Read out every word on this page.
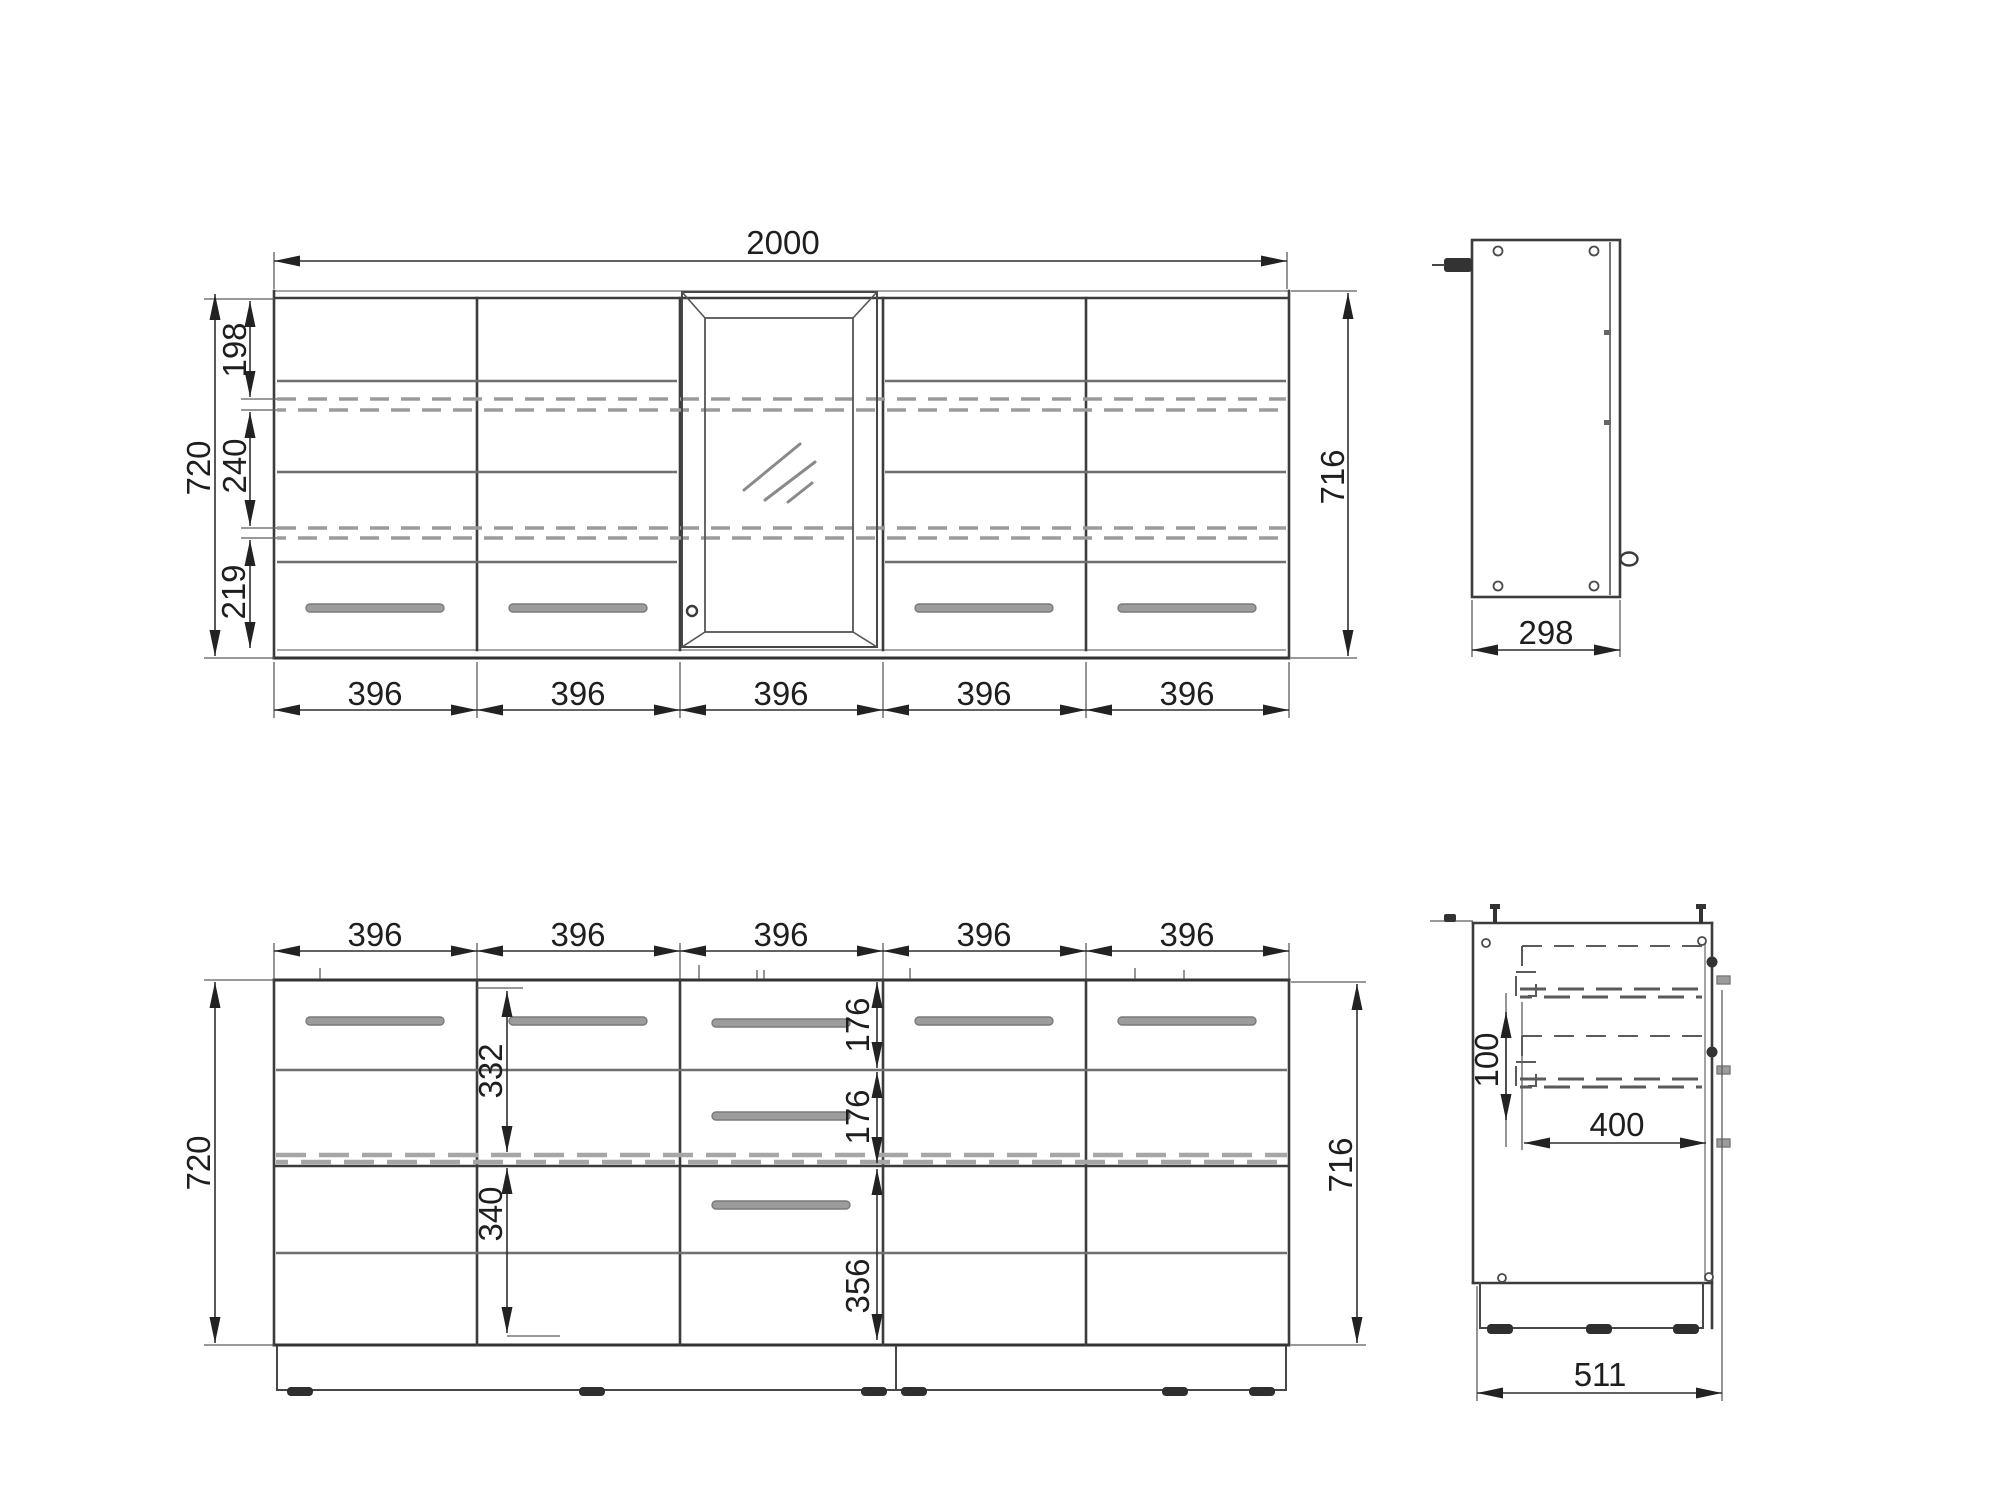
2000
720
198
240
219
716
396	396	396	396	396
298
396	396	396	396	396
720	716
332
340
176
176
356
100
400
511
